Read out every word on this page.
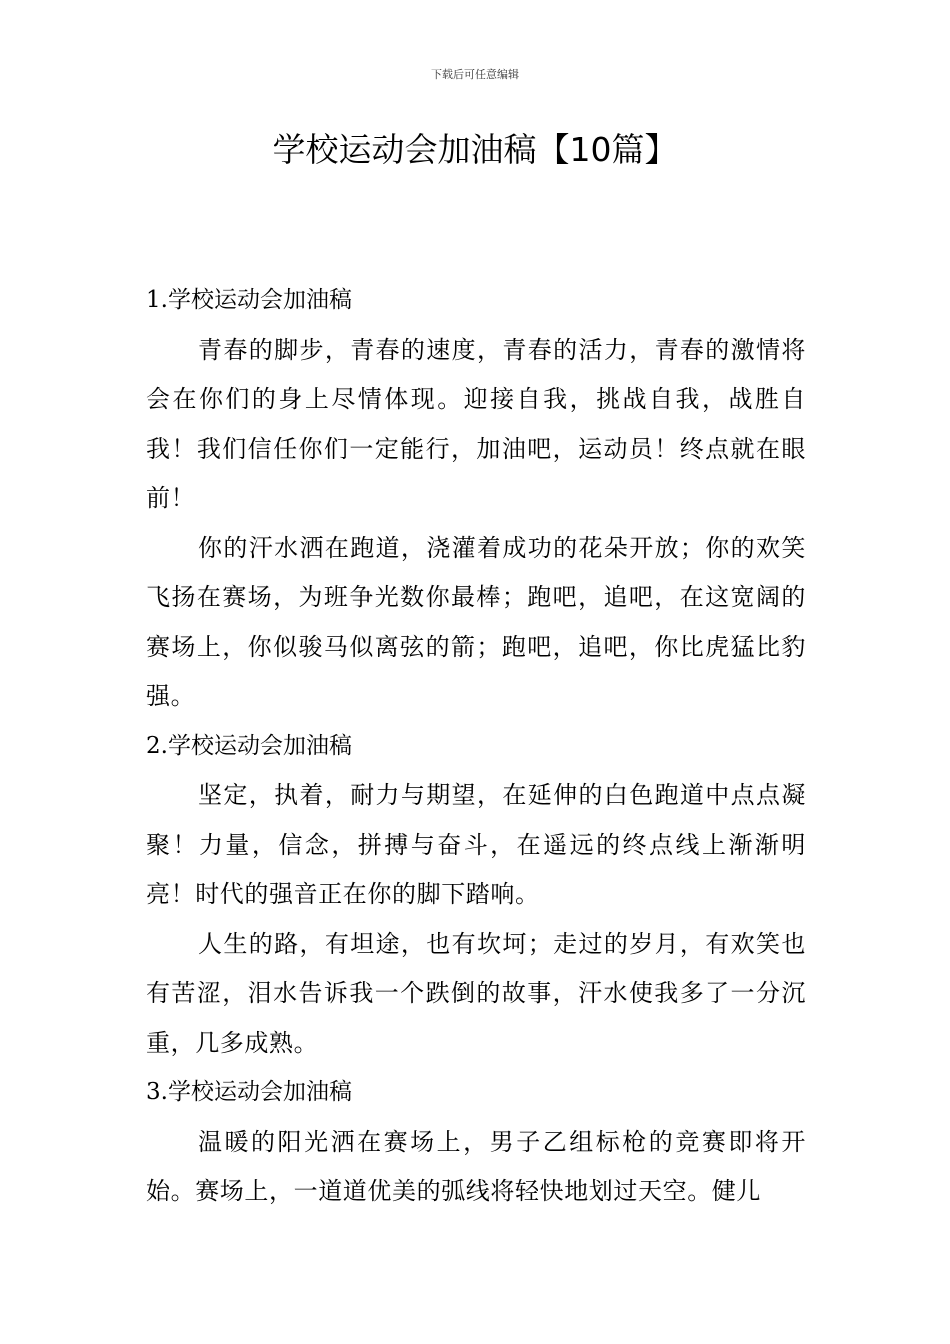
下载后可任意编辑
学校运动会加油稿【10篇】
1.学校运动会加油稿

青春的脚步，青春的速度，青春的活力，青春的激情将会在你们的身上尽情体现。迎接自我，挑战自我，战胜自我！我们信任你们一定能行，加油吧，运动员！终点就在眼前！

你的汗水洒在跑道，浇灌着成功的花朵开放；你的欢笑飞扬在赛场，为班争光数你最棒；跑吧，追吧，在这宽阔的赛场上，你似骏马似离弦的箭；跑吧，追吧，你比虎猛比豹强。

2.学校运动会加油稿

坚定，执着，耐力与期望，在延伸的白色跑道中点点凝聚！力量，信念，拼搏与奋斗，在遥远的终点线上渐渐明亮！时代的强音正在你的脚下踏响。

人生的路，有坦途，也有坎坷；走过的岁月，有欢笑也有苦涩，泪水告诉我一个跌倒的故事，汗水使我多了一分沉重，几多成熟。

3.学校运动会加油稿

温暖的阳光洒在赛场上，男子乙组标枪的竞赛即将开始。赛场上，一道道优美的弧线将轻快地划过天空。健儿
